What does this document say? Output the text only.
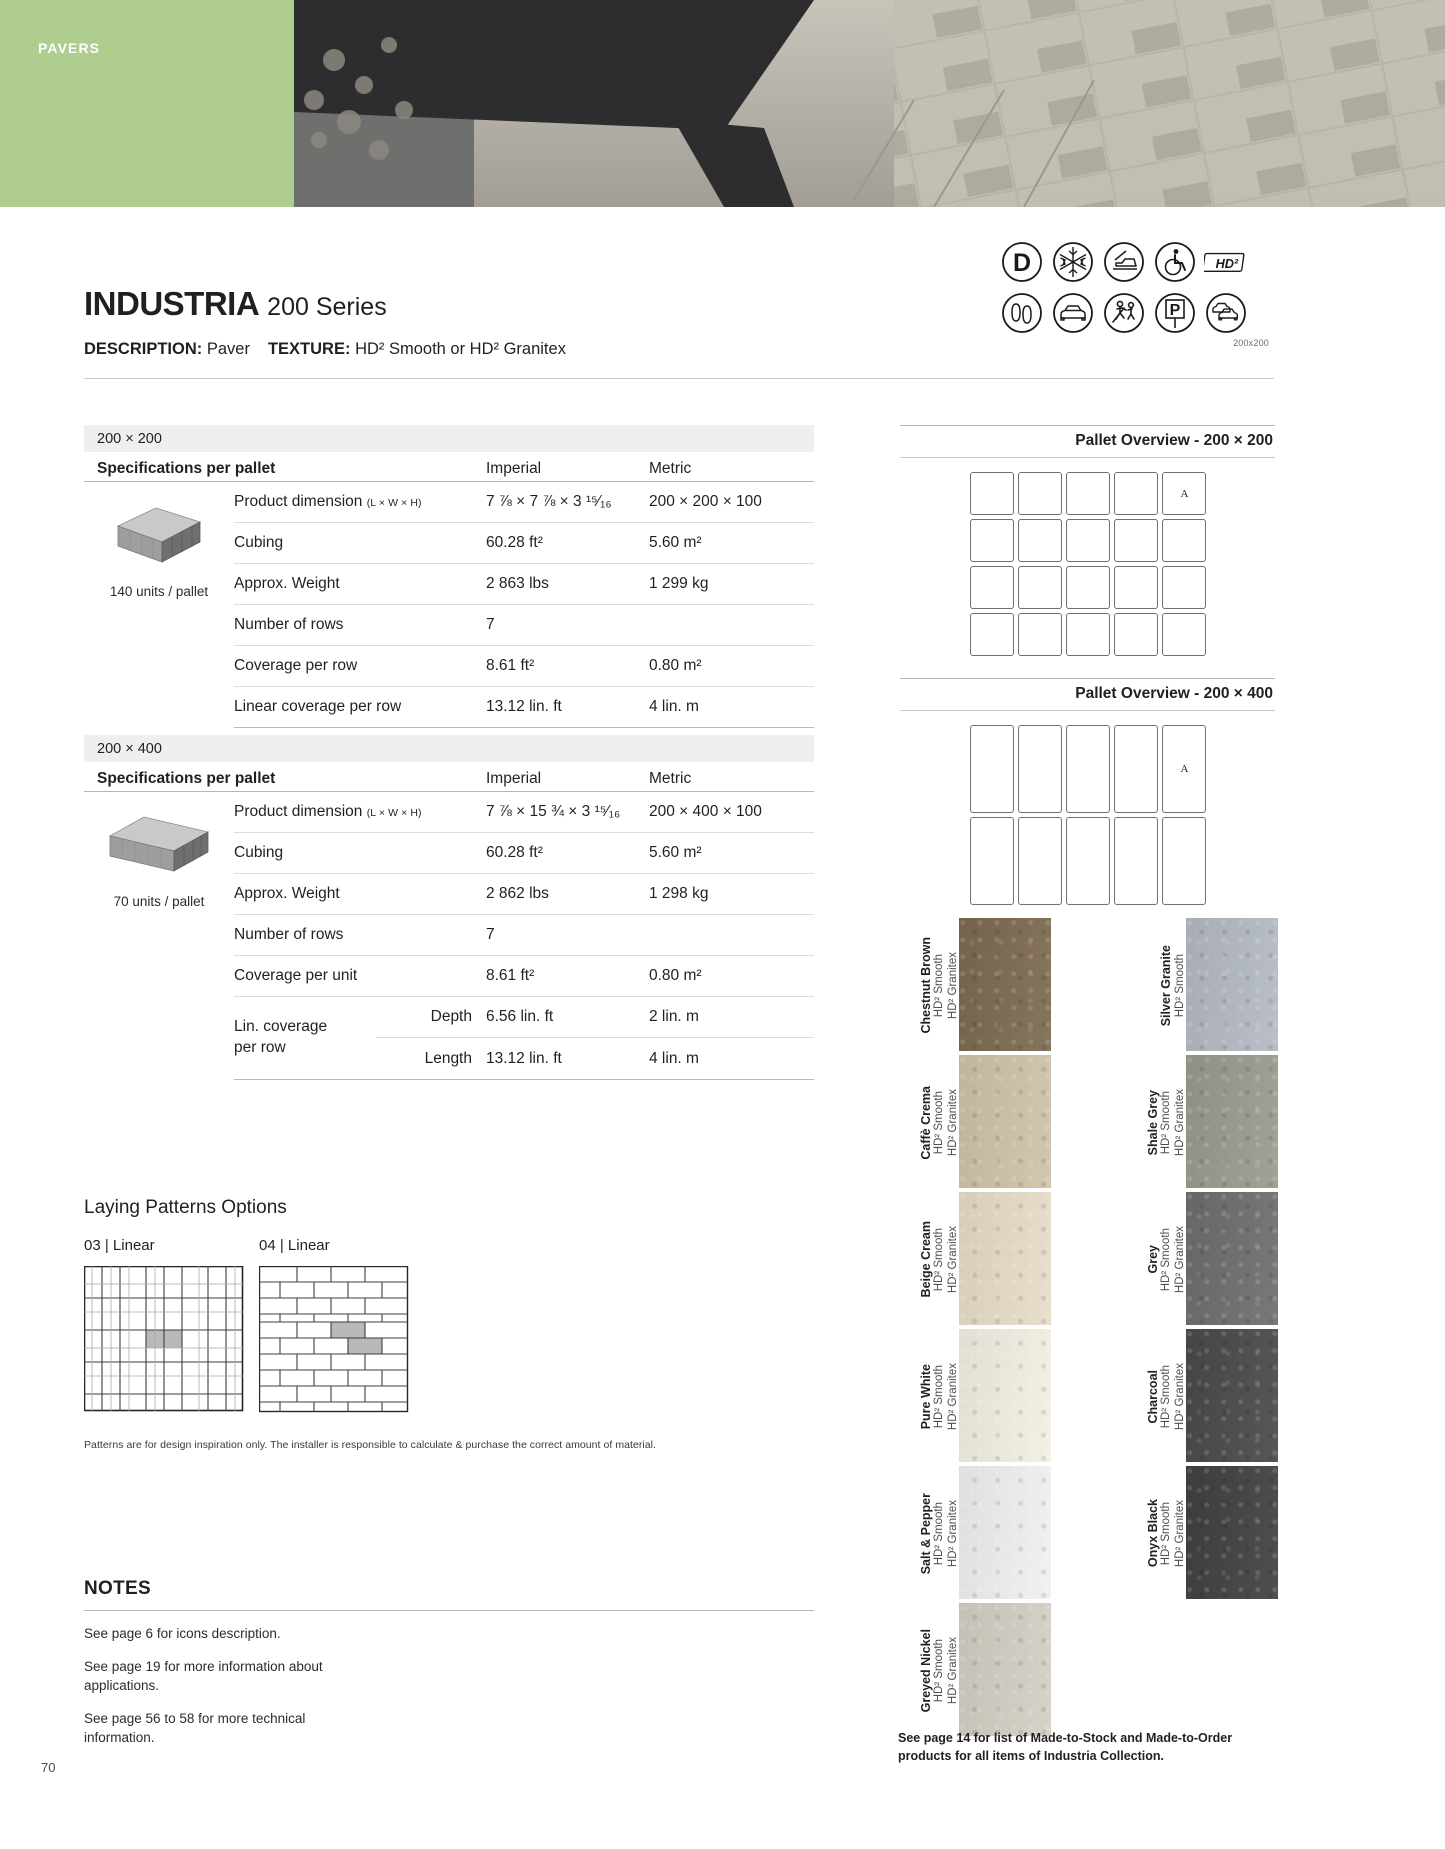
PAVERS
INDUSTRIA 200 Series
DESCRIPTION: Paver TEXTURE: HD² Smooth or HD² Granitex
D	HD²
P
200x200
200 × 200
Specifications per pallet	Imperial	Metric
140 units / pallet
Product dimension (L × W × H)	7 ⅞ × 7 ⅞ × 3 ¹⁵⁄₁₆	200 × 200 × 100
Cubing	60.28 ft²	5.60 m²
Approx. Weight	2 863 lbs	1 299 kg
Number of rows	7
Coverage per row	8.61 ft²	0.80 m²
Linear coverage per row	13.12 lin. ft	4 lin. m
200 × 400
Specifications per pallet	Imperial	Metric
70 units / pallet
Product dimension (L × W × H)	7 ⅞ × 15 ¾ × 3 ¹⁵⁄₁₆	200 × 400 × 100
Cubing	60.28 ft²	5.60 m²
Approx. Weight	2 862 lbs	1 298 kg
Number of rows	7
Coverage per unit	8.61 ft²	0.80 m²
Lin. coverage
per row
Depth 6.56 lin. ft	2 lin. m
Length 13.12 lin. ft	4 lin. m
Pallet Overview - 200 × 200
A
Pallet Overview - 200 × 400
A
Laying Patterns Options
03 | Linear	04 | Linear
Patterns are for design inspiration only. The installer is responsible to calculate & purchase the correct amount of material.
NOTES
See page 6 for icons description.
See page 19 for more information about applications.
See page 56 to 58 for more technical information.
70
HD² Granitex
HD² Smooth
Chestnut Brown
HD² Granitex
HD² Smooth
Caffè Crema
HD² Granitex
HD² Smooth
Beige Cream
HD² Granitex
HD² Smooth
Pure White
HD² Granitex
HD² Smooth
Salt & Pepper
HD² Granitex
HD² Smooth
Greyed Nickel
HD² Smooth
Silver Granite
HD² Granitex
HD² Smooth
Shale Grey
HD² Granitex
HD² Smooth
Grey
HD² Granitex
HD² Smooth
Charcoal
HD² Granitex
HD² Smooth
Onyx Black
See page 14 for list of Made-to-Stock and Made-to-Order products for all items of Industria Collection.
